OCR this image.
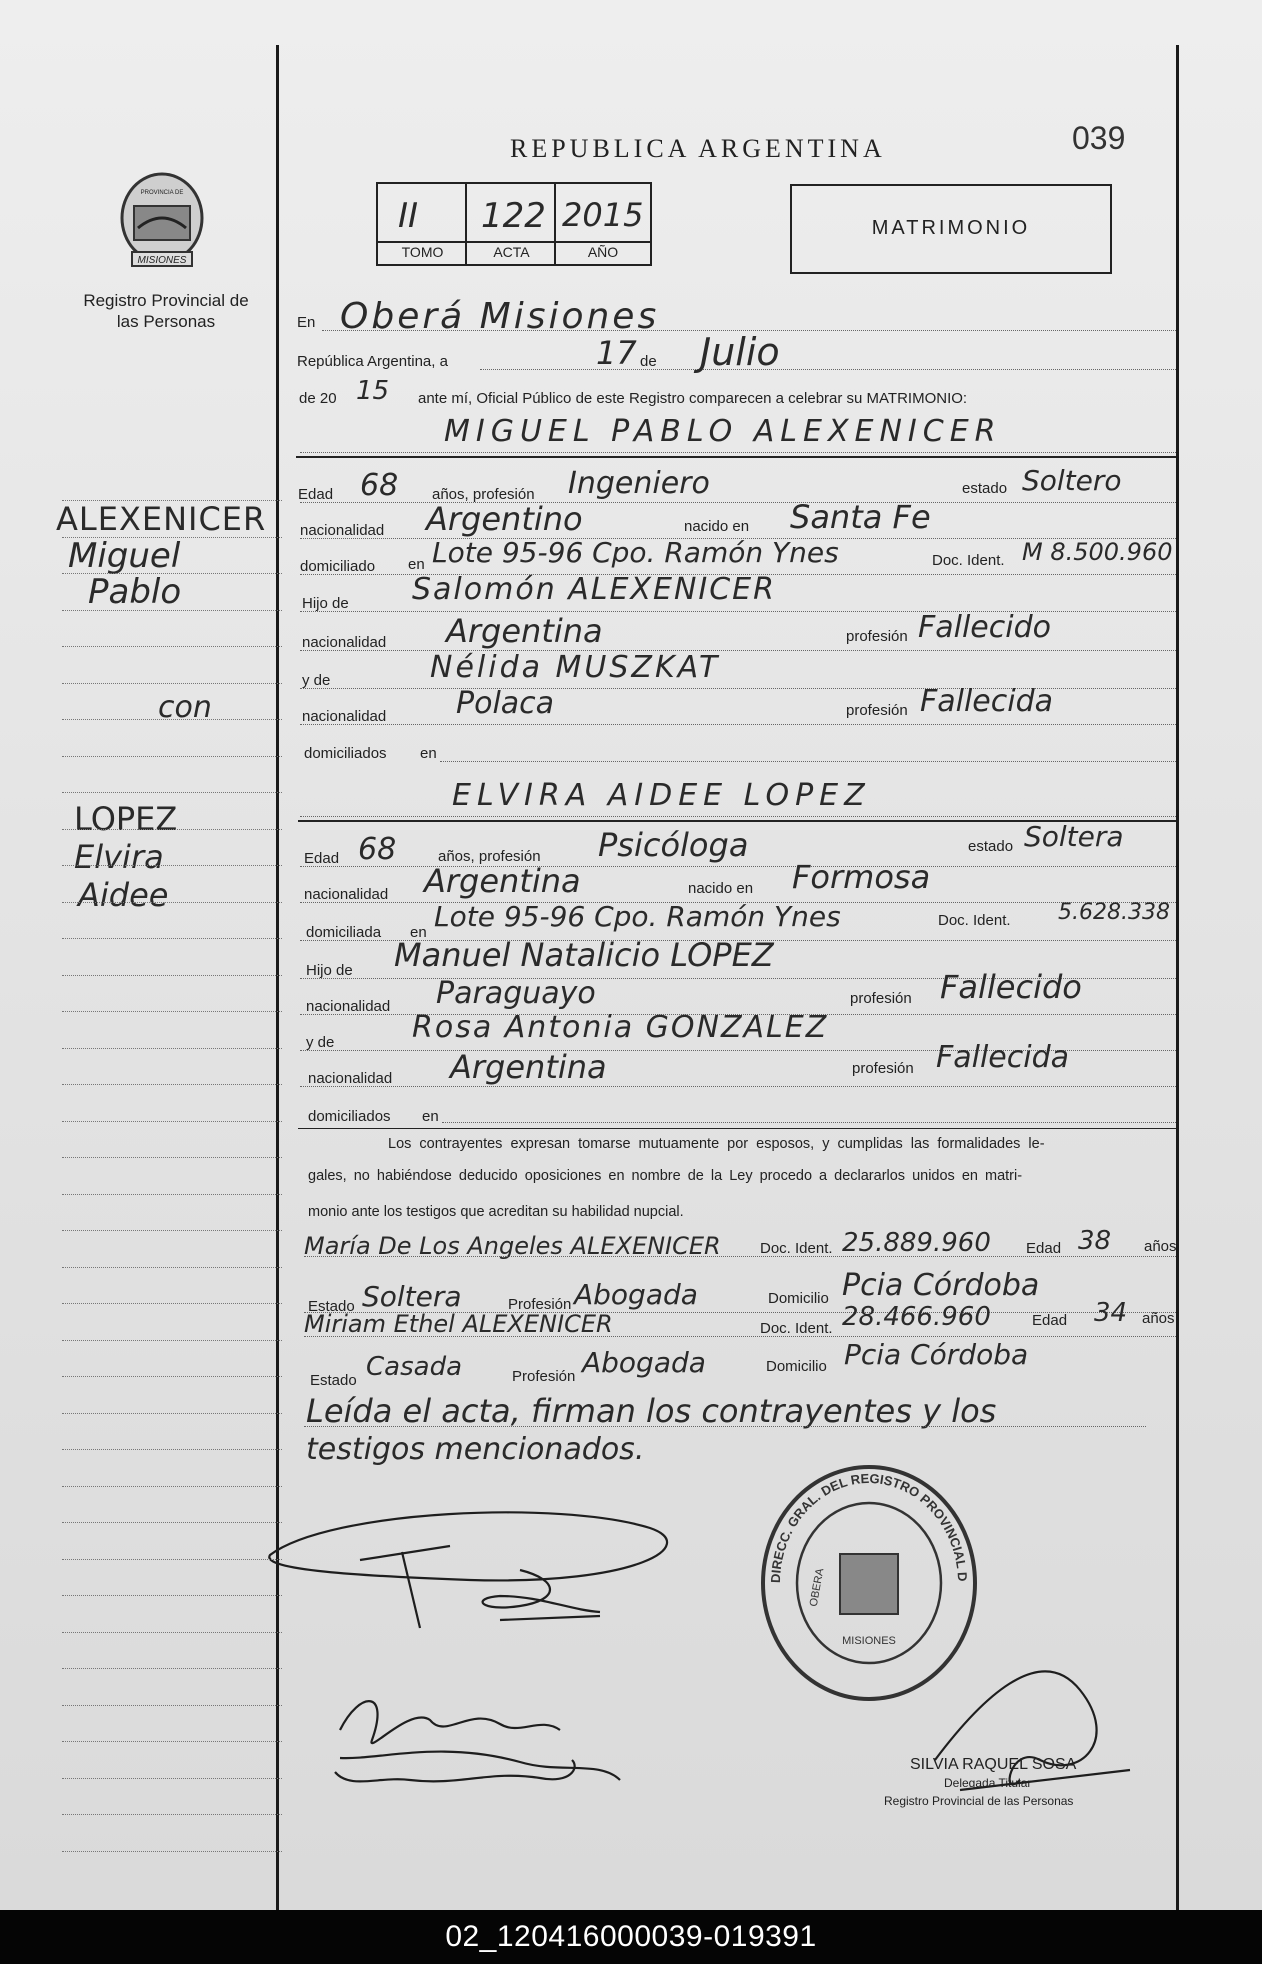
MISIONES
PROVINCIA DE
Registro Provincial de las Personas
REPUBLICA ARGENTINA	039
II 122 2015
TOMO	ACTA	AÑO
MATRIMONIO
En Oberá Misiones
República Argentina, a	17 de Julio
de 20 15 ante mí, Oficial Público de este Registro comparecen a celebrar su MATRIMONIO:
MIGUEL PABLO ALEXENICER
Edad 68 años, profesión Ingeniero	estado Soltero
nacionalidad Argentino	nacido en Santa Fe
domiciliado en Lote 95-96 Cpo. Ramón Ynes	Doc. Ident. M 8.500.960
Hijo de Salomón ALEXENICER
nacionalidad Argentina	profesión Fallecido
y de	Nélida MUSZKAT
nacionalidad Polaca	profesión Fallecida
domiciliados en
ELVIRA AIDEE LOPEZ
Edad 68	años, profesión Psicóloga	estado Soltera
nacionalidad Argentina	nacido en Formosa
domiciliada en Lote 95-96 Cpo. Ramón Ynes	Doc. Ident. 5.628.338
Hijo de Manuel Natalicio LOPEZ
nacionalidad Paraguayo	profesión Fallecido
y de	Rosa Antonia GONZALEZ
nacionalidad Argentina	profesión Fallecida
domiciliados en
Los contrayentes expresan tomarse mutuamente por esposos, y cumplidas las formalidades le-
gales, no habiéndose deducido oposiciones en nombre de la Ley procedo a declararlos unidos en matri-
monio ante los testigos que acreditan su habilidad nupcial.
María De Los Angeles ALEXENICER	Doc. Ident. 25.889.960 Edad 38 años
Estado Soltera	Profesión Abogada	Domicilio Pcia Córdoba
Miriam Ethel ALEXENICER	Doc. Ident. 28.466.960	Edad 34 años
Estado Casada	Profesión Abogada	Domicilio Pcia Córdoba
Leída el acta, firman los contrayentes y los
testigos mencionados.
DIRECC. GRAL. DEL REGISTRO PROVINCIAL D
MISIONES
OBERA
SILVIA RAQUEL SOSA
Delegada Titular
Registro Provincial de las Personas
ALEXENICER
Miguel
Pablo
con
LOPEZ
Elvira
Aidee
02_120416000039-019391
